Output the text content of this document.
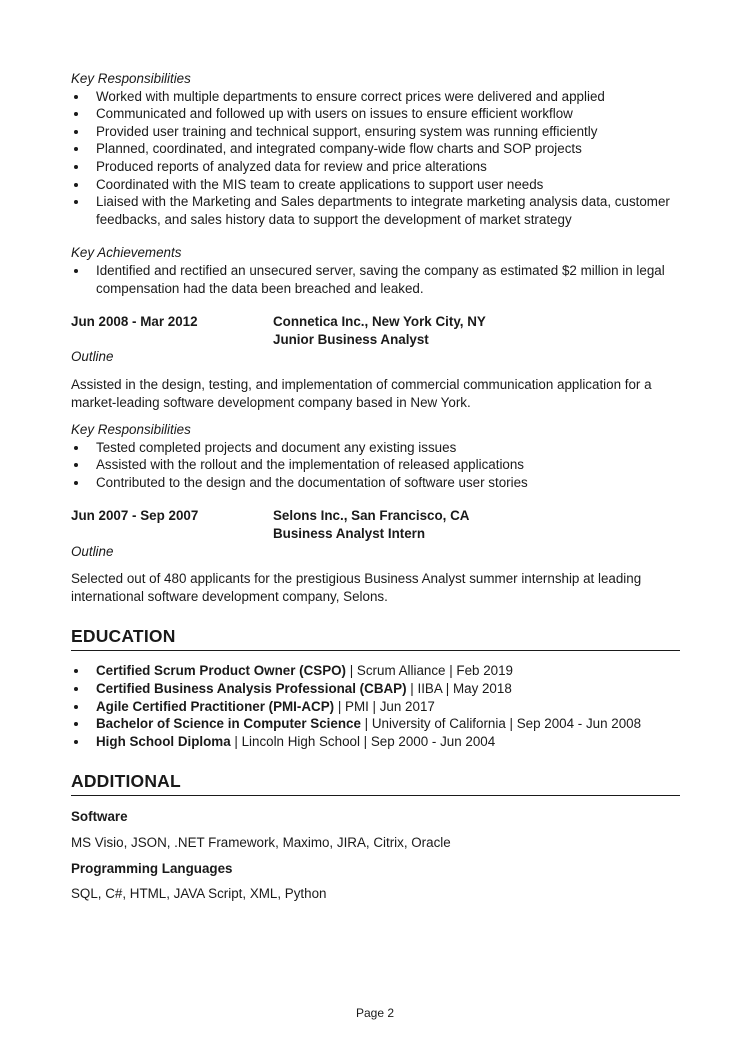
Key Responsibilities
Worked with multiple departments to ensure correct prices were delivered and applied
Communicated and followed up with users on issues to ensure efficient workflow
Provided user training and technical support, ensuring system was running efficiently
Planned, coordinated, and integrated company-wide flow charts and SOP projects
Produced reports of analyzed data for review and price alterations
Coordinated with the MIS team to create applications to support user needs
Liaised with the Marketing and Sales departments to integrate marketing analysis data, customer feedbacks, and sales history data to support the development of market strategy
Key Achievements
Identified and rectified an unsecured server, saving the company as estimated $2 million in legal compensation had the data been breached and leaked.
Jun 2008 - Mar 2012	Connetica Inc., New York City, NY
Junior Business Analyst
Outline

Assisted in the design, testing, and implementation of commercial communication application for a market-leading software development company based in New York.

Key Responsibilities
Tested completed projects and document any existing issues
Assisted with the rollout and the implementation of released applications
Contributed to the design and the documentation of software user stories
Jun 2007 - Sep 2007	Selons Inc., San Francisco, CA
Business Analyst Intern
Outline

Selected out of 480 applicants for the prestigious Business Analyst summer internship at leading international software development company, Selons.

EDUCATION
Certified Scrum Product Owner (CSPO) | Scrum Alliance | Feb 2019
Certified Business Analysis Professional (CBAP) | IIBA | May 2018
Agile Certified Practitioner (PMI-ACP) | PMI | Jun 2017
Bachelor of Science in Computer Science | University of California | Sep 2004 - Jun 2008
High School Diploma | Lincoln High School | Sep 2000 - Jun 2004
ADDITIONAL
Software
MS Visio, JSON, .NET Framework, Maximo, JIRA, Citrix, Oracle
Programming Languages
SQL, C#, HTML, JAVA Script, XML, Python
Page 2
